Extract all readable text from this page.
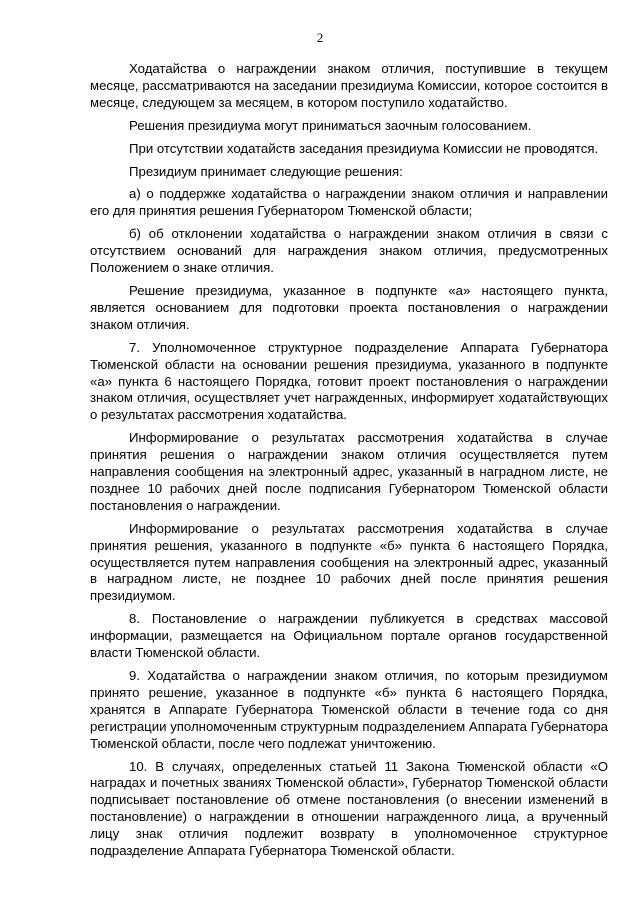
2

Ходатайства о награждении знаком отличия, поступившие в текущем месяце, рассматриваются на заседании президиума Комиссии, которое состоится в месяце, следующем за месяцем, в котором поступило ходатайство.

Решения президиума могут приниматься заочным голосованием.

При отсутствии ходатайств заседания президиума Комиссии не проводятся.

Президиум принимает следующие решения:

а) о поддержке ходатайства о награждении знаком отличия и направлении его для принятия решения Губернатором Тюменской области;

б) об отклонении ходатайства о награждении знаком отличия в связи с отсутствием оснований для награждения знаком отличия, предусмотренных Положением о знаке отличия.

Решение президиума, указанное в подпункте «а» настоящего пункта, является основанием для подготовки проекта постановления о награждении знаком отличия.

7. Уполномоченное структурное подразделение Аппарата Губернатора Тюменской области на основании решения президиума, указанного в подпункте «а» пункта 6 настоящего Порядка, готовит проект постановления о награждении знаком отличия, осуществляет учет награжденных, информирует ходатайствующих о результатах рассмотрения ходатайства.

Информирование о результатах рассмотрения ходатайства в случае принятия решения о награждении знаком отличия осуществляется путем направления сообщения на электронный адрес, указанный в наградном листе, не позднее 10 рабочих дней после подписания Губернатором Тюменской области постановления о награждении.

Информирование о результатах рассмотрения ходатайства в случае принятия решения, указанного в подпункте «б» пункта 6 настоящего Порядка, осуществляется путем направления сообщения на электронный адрес, указанный в наградном листе, не позднее 10 рабочих дней после принятия решения президиумом.

8. Постановление о награждении публикуется в средствах массовой информации, размещается на Официальном портале органов государственной власти Тюменской области.

9. Ходатайства о награждении знаком отличия, по которым президиумом принято решение, указанное в подпункте «б» пункта 6 настоящего Порядка, хранятся в Аппарате Губернатора Тюменской области в течение года со дня регистрации уполномоченным структурным подразделением Аппарата Губернатора Тюменской области, после чего подлежат уничтожению.

10. В случаях, определенных статьей 11 Закона Тюменской области «О наградах и почетных званиях Тюменской области», Губернатор Тюменской области подписывает постановление об отмене постановления (о внесении изменений в постановление) о награждении в отношении награжденного лица, а врученный лицу знак отличия подлежит возврату в уполномоченное структурное подразделение Аппарата Губернатора Тюменской области.
